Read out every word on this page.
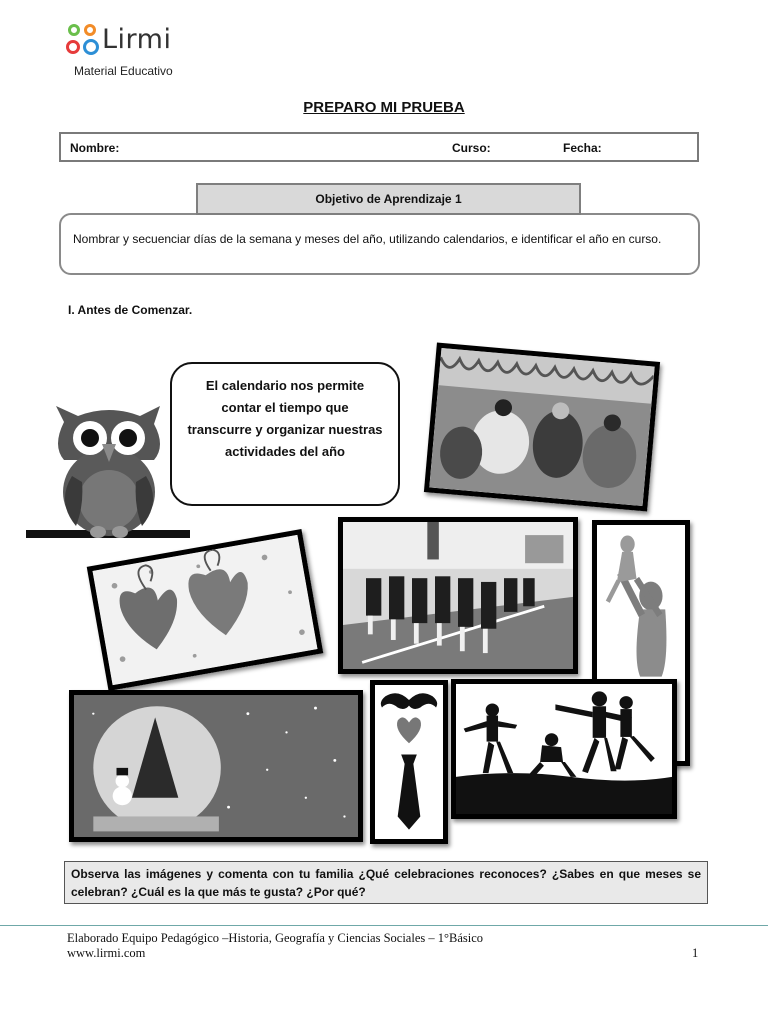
Lirmi
Material Educativo
PREPARO MI PRUEBA
Nombre:	Curso:	Fecha:
Nombrar y secuenciar días de la semana y meses del año, utilizando calendarios, e identificar el año en curso.
Objetivo de Aprendizaje 1
I. Antes de Comenzar.
El calendario nos permite
contar el tiempo que
transcurre y organizar nuestras
actividades del año
Observa las imágenes y comenta con tu familia ¿Qué celebraciones reconoces? ¿Sabes en que meses se celebran? ¿Cuál es la que más te gusta? ¿Por qué?
Elaborado Equipo Pedagógico –Historia, Geografía y Ciencias Sociales – 1°Básico
www.lirmi.com	1
